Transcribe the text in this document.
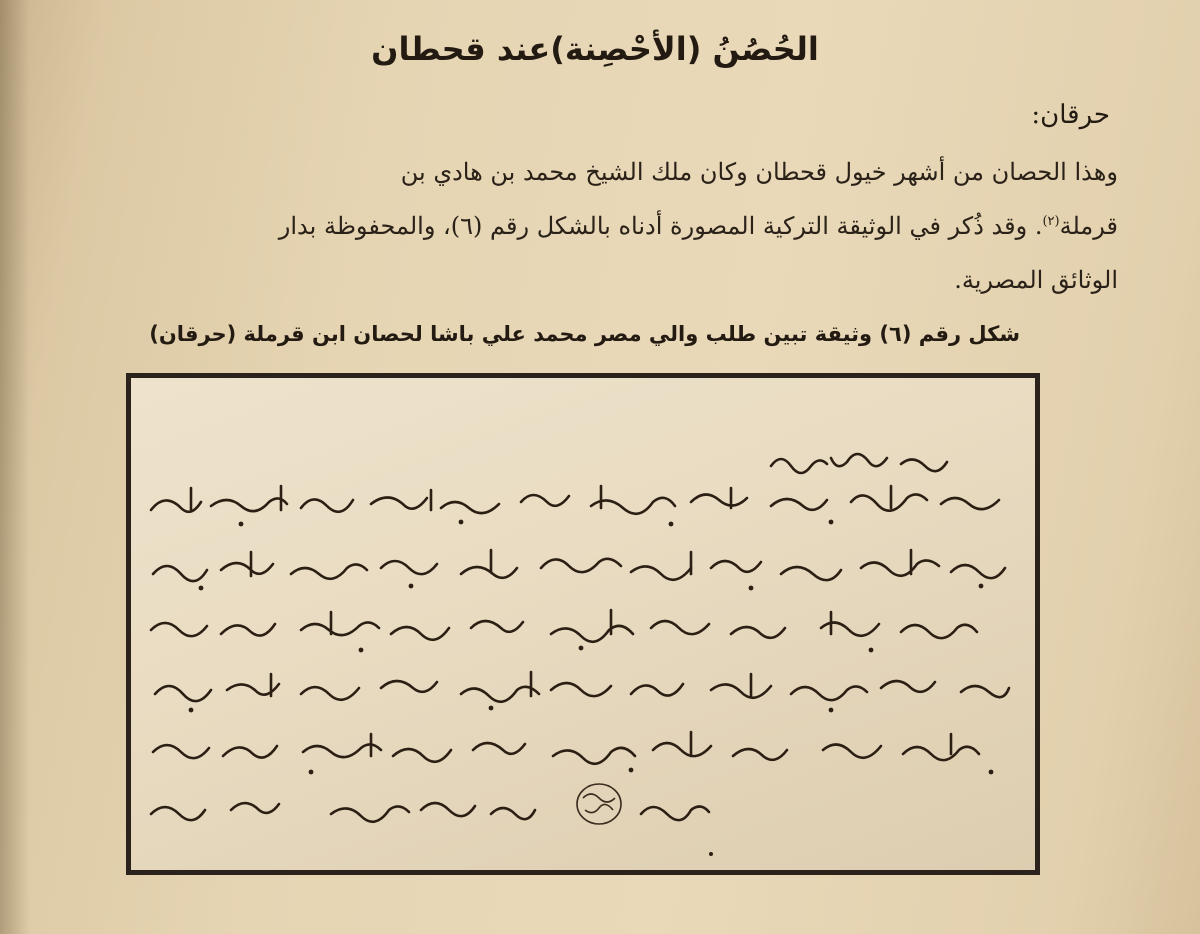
الحُصُنُ (الأحْصِنة)عند قحطان
حرقان:
وهذا الحصان من أشهر خيول قحطان وكان ملك الشيخ محمد بن هادي بن
قرملة$^{(٢)}$. وقد ذُكر في الوثيقة التركية المصورة أدناه بالشكل رقم (٦)، والمحفوظة بدار
الوثائق المصرية.
شكل رقم (٦) وثيقة تبين طلب والي مصر محمد علي باشا لحصان ابن قرملة (حرقان)
